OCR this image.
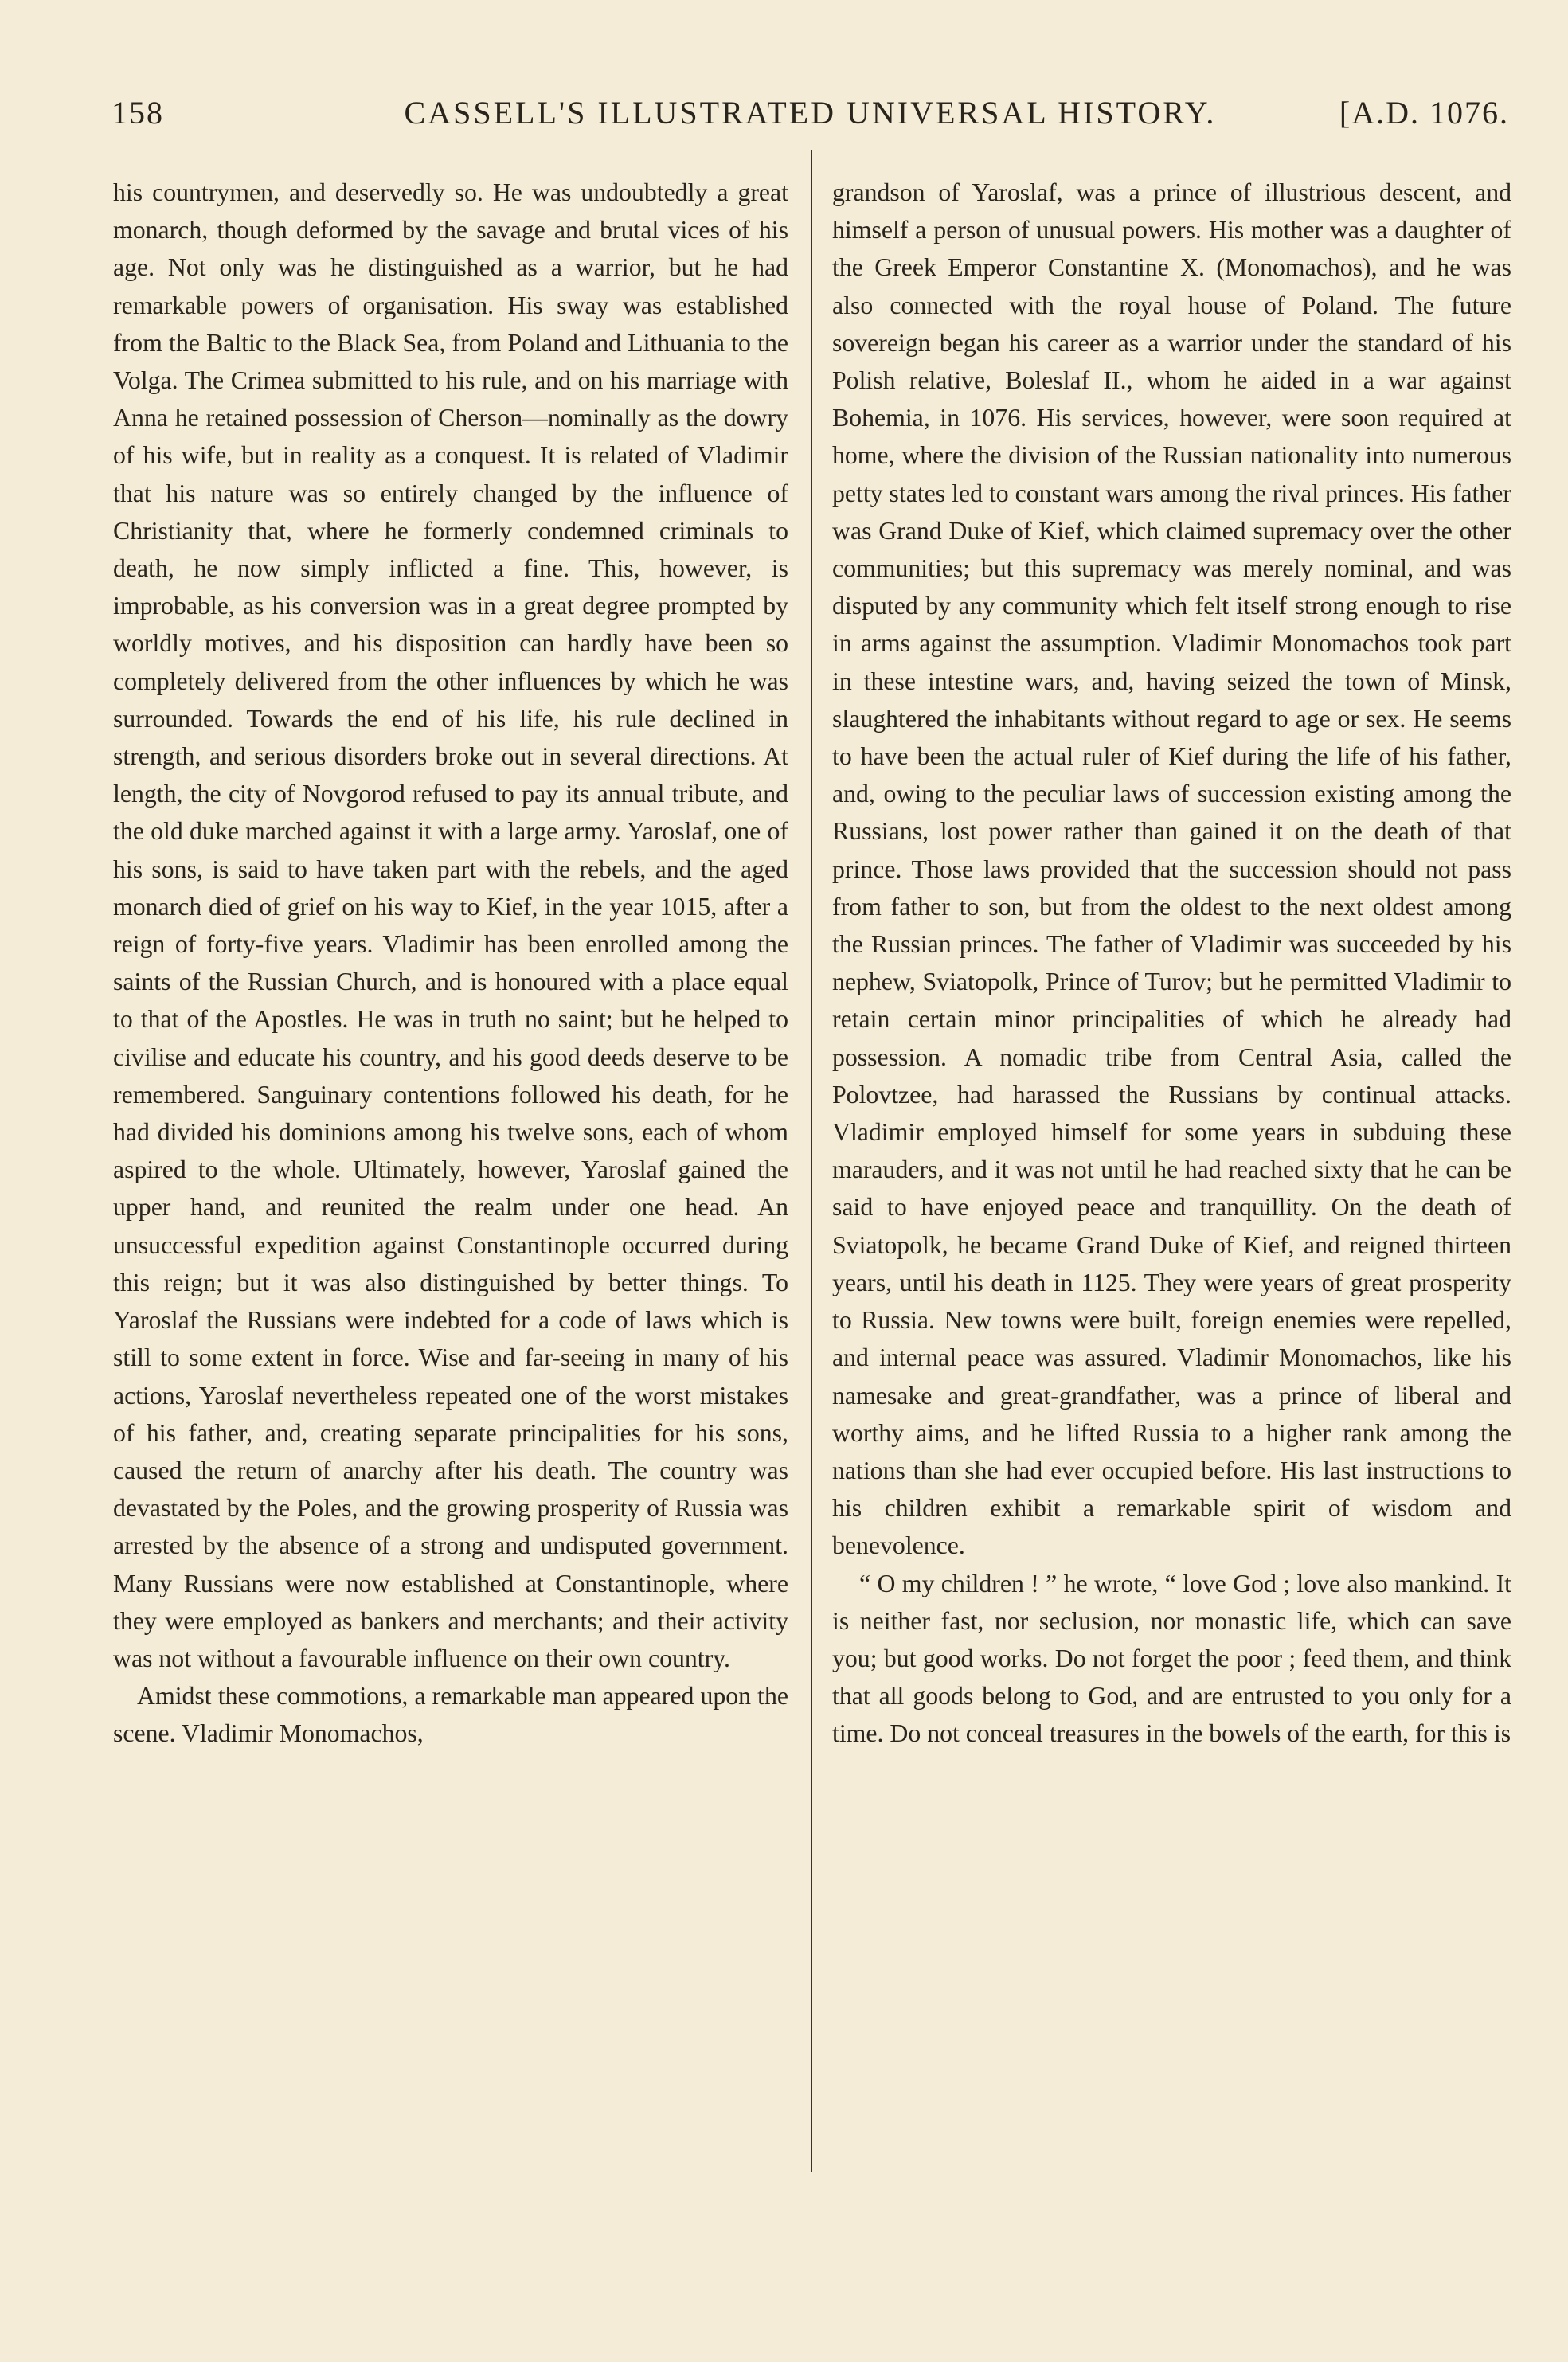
158	CASSELL'S ILLUSTRATED UNIVERSAL HISTORY.	[A.D. 1076.

his countrymen, and deservedly so. He was undoubtedly a great monarch, though deformed by the savage and brutal vices of his age. Not only was he distinguished as a warrior, but he had remarkable powers of organisation. His sway was established from the Baltic to the Black Sea, from Poland and Lithuania to the Volga. The Crimea submitted to his rule, and on his marriage with Anna he retained possession of Cherson—nominally as the dowry of his wife, but in reality as a conquest. It is related of Vladimir that his nature was so entirely changed by the influence of Christianity that, where he formerly condemned criminals to death, he now simply inflicted a fine. This, however, is improbable, as his conversion was in a great degree prompted by worldly motives, and his disposition can hardly have been so completely delivered from the other influences by which he was surrounded. Towards the end of his life, his rule declined in strength, and serious disorders broke out in several directions. At length, the city of Novgorod refused to pay its annual tribute, and the old duke marched against it with a large army. Yaroslaf, one of his sons, is said to have taken part with the rebels, and the aged monarch died of grief on his way to Kief, in the year 1015, after a reign of forty-five years. Vladimir has been enrolled among the saints of the Russian Church, and is honoured with a place equal to that of the Apostles. He was in truth no saint; but he helped to civilise and educate his country, and his good deeds deserve to be remembered. Sanguinary contentions followed his death, for he had divided his dominions among his twelve sons, each of whom aspired to the whole. Ultimately, however, Yaroslaf gained the upper hand, and reunited the realm under one head. An unsuccessful expedition against Constantinople occurred during this reign; but it was also distinguished by better things. To Yaroslaf the Russians were indebted for a code of laws which is still to some extent in force. Wise and far-seeing in many of his actions, Yaroslaf nevertheless repeated one of the worst mistakes of his father, and, creating separate principalities for his sons, caused the return of anarchy after his death. The country was devastated by the Poles, and the growing prosperity of Russia was arrested by the absence of a strong and undisputed government. Many Russians were now established at Constantinople, where they were employed as bankers and merchants; and their activity was not without a favourable influence on their own country.

Amidst these commotions, a remarkable man appeared upon the scene. Vladimir Monomachos,

grandson of Yaroslaf, was a prince of illustrious descent, and himself a person of unusual powers. His mother was a daughter of the Greek Emperor Constantine X. (Monomachos), and he was also connected with the royal house of Poland. The future sovereign began his career as a warrior under the standard of his Polish relative, Boleslaf II., whom he aided in a war against Bohemia, in 1076. His services, however, were soon required at home, where the division of the Russian nationality into numerous petty states led to constant wars among the rival princes. His father was Grand Duke of Kief, which claimed supremacy over the other communities; but this supremacy was merely nominal, and was disputed by any community which felt itself strong enough to rise in arms against the assumption. Vladimir Monomachos took part in these intestine wars, and, having seized the town of Minsk, slaughtered the inhabitants without regard to age or sex. He seems to have been the actual ruler of Kief during the life of his father, and, owing to the peculiar laws of succession existing among the Russians, lost power rather than gained it on the death of that prince. Those laws provided that the succession should not pass from father to son, but from the oldest to the next oldest among the Russian princes. The father of Vladimir was succeeded by his nephew, Sviatopolk, Prince of Turov; but he permitted Vladimir to retain certain minor principalities of which he already had possession. A nomadic tribe from Central Asia, called the Polovtzee, had harassed the Russians by continual attacks. Vladimir employed himself for some years in subduing these marauders, and it was not until he had reached sixty that he can be said to have enjoyed peace and tranquillity. On the death of Sviatopolk, he became Grand Duke of Kief, and reigned thirteen years, until his death in 1125. They were years of great prosperity to Russia. New towns were built, foreign enemies were repelled, and internal peace was assured. Vladimir Monomachos, like his namesake and great-grandfather, was a prince of liberal and worthy aims, and he lifted Russia to a higher rank among the nations than she had ever occupied before. His last instructions to his children exhibit a remarkable spirit of wisdom and benevolence.

“ O my children ! ” he wrote, “ love God ; love also mankind. It is neither fast, nor seclusion, nor monastic life, which can save you; but good works. Do not forget the poor ; feed them, and think that all goods belong to God, and are entrusted to you only for a time. Do not conceal treasures in the bowels of the earth, for this is
